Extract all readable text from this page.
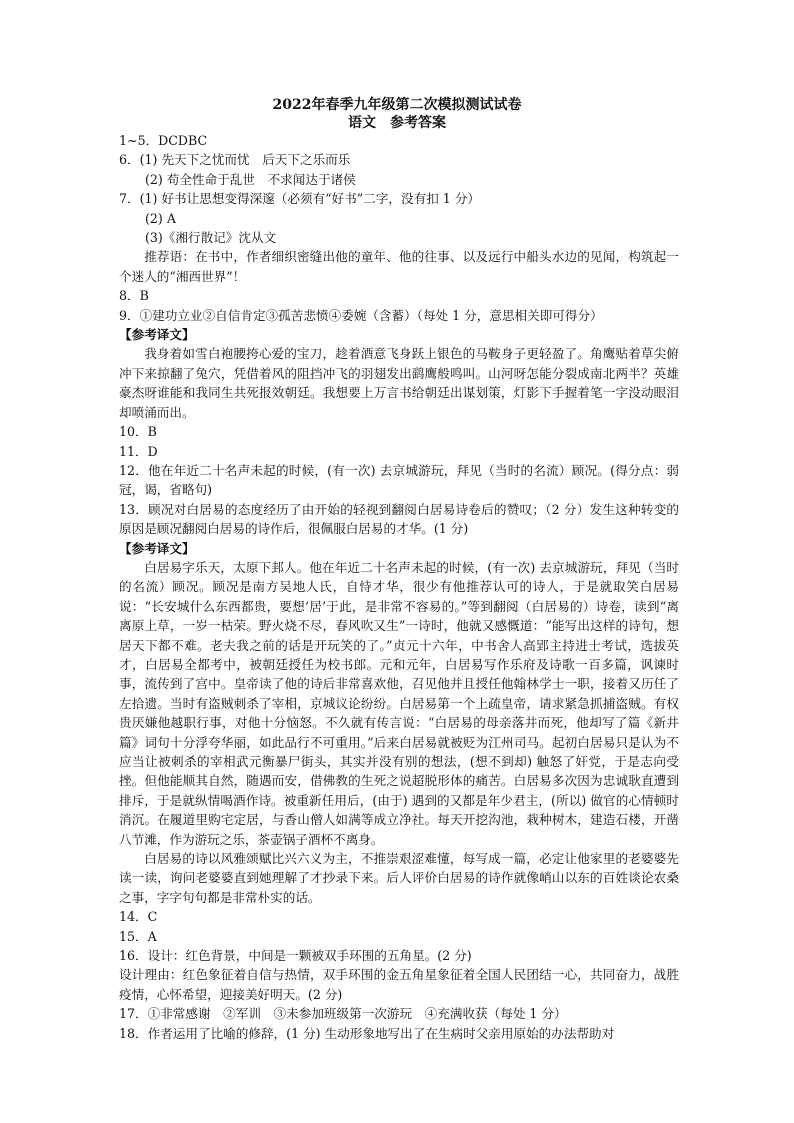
2022年春季九年级第二次模拟测试试卷

语文　参考答案

1~5．DCDBC

6．(1) 先天下之忧而忧　后天下之乐而乐

(2) 苟全性命于乱世　不求闻达于诸侯

7．(1) 好书让思想变得深邃（必须有“好书”二字，没有扣 1 分）

(2) A

(3)《湘行散记》沈从文

推荐语：在书中，作者细织密缝出他的童年、他的往事、以及远行中船头水边的见闻，构筑起一个迷人的“湘西世界”！

8．B

9．①建功立业②自信肯定③孤苦悲愤④委婉（含蓄）（每处 1 分，意思相关即可得分）

【参考译文】

我身着如雪白袍腰挎心爱的宝刀，趁着酒意飞身跃上银色的马鞍身子更轻盈了。角鹰贴着草尖俯冲下来掠翻了兔穴，凭借着风的阻挡冲飞的羽翅发出鹞鹰般鸣叫。山河呀怎能分裂成南北两半？英雄豪杰呀谁能和我同生共死报效朝廷。我想要上万言书给朝廷出谋划策，灯影下手握着笔一字没动眼泪却喷涌而出。

10．B

11．D

12．他在年近二十名声未起的时候，(有一次) 去京城游玩，拜见（当时的名流）顾况。(得分点：弱冠，谒，省略句)

13．顾况对白居易的态度经历了由开始的轻视到翻阅白居易诗卷后的赞叹；（2 分）发生这种转变的原因是顾况翻阅白居易的诗作后，很佩服白居易的才华。(1 分)

【参考译文】

白居易字乐天，太原下邽人。他在年近二十名声未起的时候，(有一次) 去京城游玩，拜见（当时的名流）顾况。顾况是南方吴地人氏，自恃才华，很少有他推荐认可的诗人，于是就取笑白居易说：“长安城什么东西都贵，要想‘居’于此，是非常不容易的。”等到翻阅（白居易的）诗卷，读到“离离原上草，一岁一枯荣。野火烧不尽，春风吹又生”一诗时，他就又感慨道：“能写出这样的诗句，想居天下都不难。老夫我之前的话是开玩笑的了。”贞元十六年，中书舍人高郢主持进士考试，选拔英才，白居易全都考中，被朝廷授任为校书郎。元和元年，白居易写作乐府及诗歌一百多篇，讽谏时事，流传到了宫中。皇帝读了他的诗后非常喜欢他，召见他并且授任他翰林学士一职，接着又历任了左拾遗。当时有盗贼刺杀了宰相，京城议论纷纷。白居易第一个上疏皇帝，请求紧急抓捕盗贼。有权贵厌嫌他越职行事，对他十分恼怒。不久就有传言说：“白居易的母亲落井而死，他却写了篇《新井篇》词句十分浮夸华丽，如此品行不可重用。”后来白居易就被贬为江州司马。起初白居易只是认为不应当让被刺杀的宰相武元衡暴尸街头，其实并没有别的想法，(想不到却) 触怒了奸党，于是志向受挫。但他能顺其自然，随遇而安，借佛教的生死之说超脱形体的痛苦。白居易多次因为忠诚耿直遭到排斥，于是就纵情喝酒作诗。被重新任用后，(由于) 遇到的又都是年少君主，(所以) 做官的心情顿时消沉。在履道里购宅定居，与香山僧人如满等成立净社。每天开挖沟池，栽种树木，建造石楼，开凿八节滩，作为游玩之乐，茶壶锅子酒杯不离身。

白居易的诗以风雅颂赋比兴六义为主，不推崇艰涩难懂，每写成一篇，必定让他家里的老婆婆先读一读，询问老婆婆直到她理解了才抄录下来。后人评价白居易的诗作就像峭山以东的百姓谈论农桑之事，字字句句都是非常朴实的话。

14．C

15．A

16．设计：红色背景，中间是一颗被双手环围的五角星。(2 分)

设计理由：红色象征着自信与热情，双手环围的金五角星象征着全国人民团结一心，共同奋力，战胜疫情，心怀希望，迎接美好明天。(2 分)

17．①非常感谢　②军训　③未参加班级第一次游玩　④充满收获（每处 1 分）

18．作者运用了比喻的修辞，(1 分) 生动形象地写出了在生病时父亲用原始的办法帮助对
